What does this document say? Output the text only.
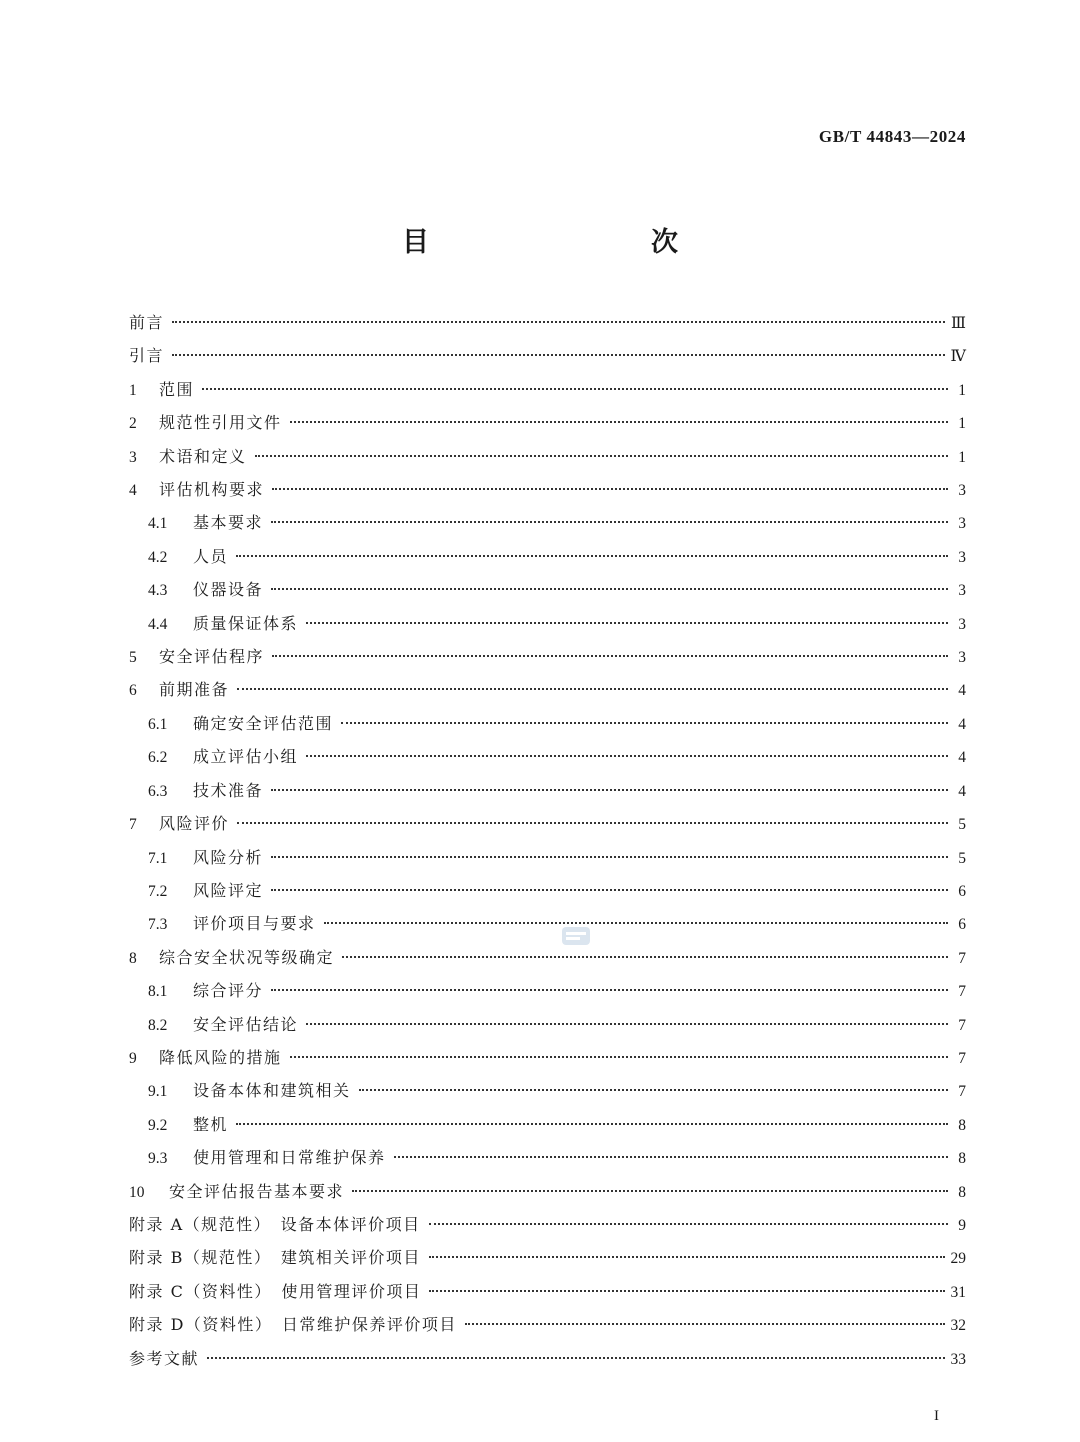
GB/T 44843—2024
目　　次
前言	Ⅲ
引言	Ⅳ
1	范围	1
2	规范性引用文件	1
3	术语和定义	1
4	评估机构要求	3
4.1	基本要求	3
4.2	人员	3
4.3	仪器设备	3
4.4	质量保证体系	3
5	安全评估程序	3
6	前期准备	4
6.1	确定安全评估范围	4
6.2	成立评估小组	4
6.3	技术准备	4
7	风险评价	5
7.1	风险分析	5
7.2	风险评定	6
7.3	评价项目与要求	6
8	综合安全状况等级确定	7
8.1	综合评分	7
8.2	安全评估结论	7
9	降低风险的措施	7
9.1	设备本体和建筑相关	7
9.2	整机	8
9.3	使用管理和日常维护保养	8
10	安全评估报告基本要求	8
附录 A（规范性）　设备本体评价项目	9
附录 B（规范性）　建筑相关评价项目	29
附录 C（资料性）　使用管理评价项目	31
附录 D（资料性）　日常维护保养评价项目	32
参考文献	33
I
